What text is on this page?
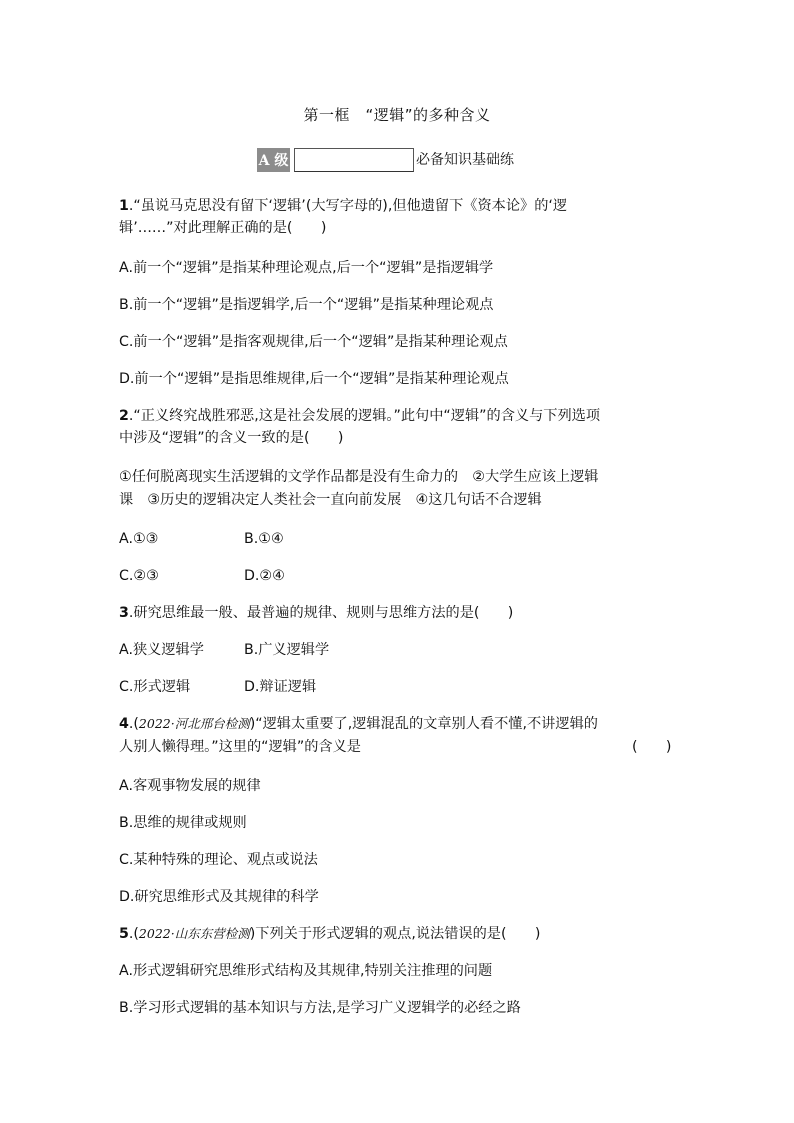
第一框　“逻辑”的多种含义
A 级	必备知识基础练
1.“虽说马克思没有留下‘逻辑’(大写字母的),但他遗留下《资本论》的‘逻
辑’……”对此理解正确的是(　　)
A.前一个“逻辑”是指某种理论观点,后一个“逻辑”是指逻辑学
B.前一个“逻辑”是指逻辑学,后一个“逻辑”是指某种理论观点
C.前一个“逻辑”是指客观规律,后一个“逻辑”是指某种理论观点
D.前一个“逻辑”是指思维规律,后一个“逻辑”是指某种理论观点
2.“正义终究战胜邪恶,这是社会发展的逻辑。”此句中“逻辑”的含义与下列选项
中涉及“逻辑”的含义一致的是(　　)
①任何脱离现实生活逻辑的文学作品都是没有生命力的　②大学生应该上逻辑
课　③历史的逻辑决定人类社会一直向前发展　④这几句话不合逻辑
A.①③	B.①④
C.②③	D.②④
3.研究思维最一般、最普遍的规律、规则与思维方法的是(　　)
A.狭义逻辑学	B.广义逻辑学
C.形式逻辑	D.辩证逻辑
4.(2022·河北邢台检测)“逻辑太重要了,逻辑混乱的文章别人看不懂,不讲逻辑的
人别人懒得理。”这里的“逻辑”的含义是	(　　)
A.客观事物发展的规律
B.思维的规律或规则
C.某种特殊的理论、观点或说法
D.研究思维形式及其规律的科学
5.(2022·山东东营检测)下列关于形式逻辑的观点,说法错误的是(　　)
A.形式逻辑研究思维形式结构及其规律,特别关注推理的问题
B.学习形式逻辑的基本知识与方法,是学习广义逻辑学的必经之路
